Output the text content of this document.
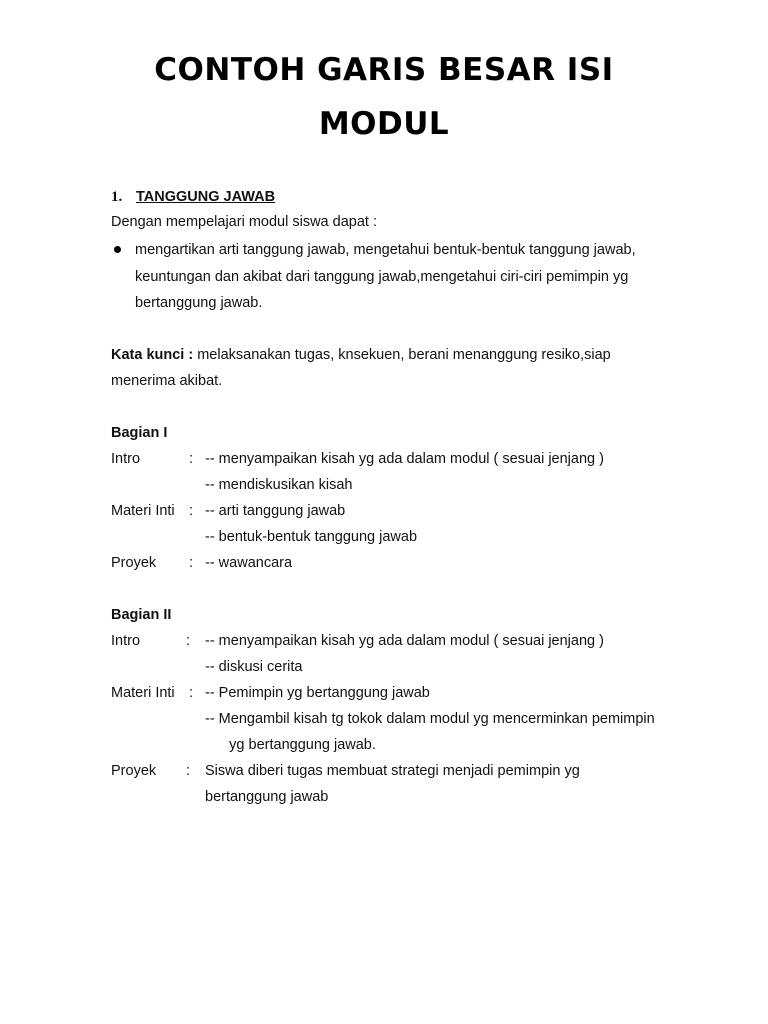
CONTOH GARIS BESAR ISI
MODUL
1. TANGGUNG JAWAB
Dengan mempelajari modul siswa dapat :
mengartikan arti tanggung jawab, mengetahui bentuk-bentuk tanggung jawab,
keuntungan dan akibat dari tanggung jawab,mengetahui ciri-ciri pemimpin yg
bertanggung jawab.
Kata kunci : melaksanakan tugas, knsekuen, berani menanggung resiko,siap
menerima akibat.
Bagian I
Intro	: -- menyampaikan kisah yg ada dalam modul ( sesuai jenjang )
-- mendiskusikan kisah
Materi Inti : -- arti tanggung jawab
-- bentuk-bentuk tanggung jawab
Proyek : -- wawancara
Bagian II
Intro	: -- menyampaikan kisah yg ada dalam modul ( sesuai jenjang )
-- diskusi cerita
Materi Inti : -- Pemimpin yg bertanggung jawab
-- Mengambil kisah tg tokok dalam modul yg mencerminkan pemimpin
yg bertanggung jawab.
Proyek : Siswa diberi tugas membuat strategi menjadi pemimpin yg
bertanggung jawab
